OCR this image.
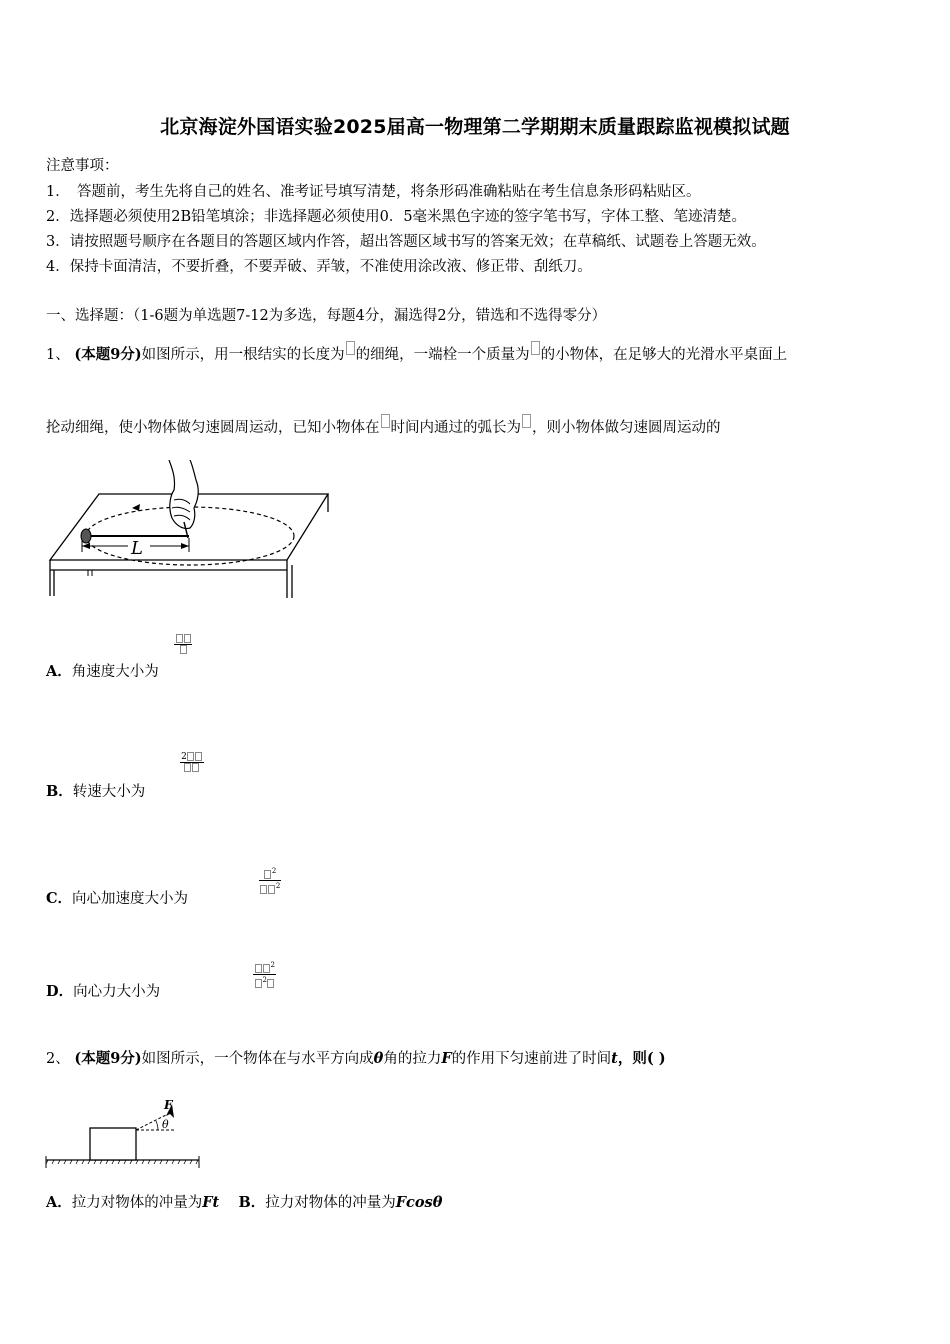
北京海淀外国语实验2025届高一物理第二学期期末质量跟踪监视模拟试题
注意事项：
1．　答题前，考生先将自己的姓名、准考证号填写清楚，将条形码准确粘贴在考生信息条形码粘贴区。
2．选择题必须使用2B铅笔填涂；非选择题必须使用0．5毫米黑色字迹的签字笔书写，字体工整、笔迹清楚。
3．请按照题号顺序在各题目的答题区域内作答，超出答题区域书写的答案无效；在草稿纸、试题卷上答题无效。
4．保持卡面清洁，不要折叠，不要弄破、弄皱，不准使用涂改液、修正带、刮纸刀。
一、选择题：（1-6题为单选题7-12为多选，每题4分，漏选得2分，错选和不选得零分）
1、 (本题9分)如图所示，用一根结实的长度为 的细绳，一端栓一个质量为 的小物体，在足够大的光滑水平桌面上
抡动细绳，使小物体做匀速圆周运动，已知小物体在 时间内通过的弧长为 ，则小物体做匀速圆周运动的
L
A．角速度大小为

B．转速大小为
2

C．向心加速度大小为
$\frac{^2}{^2}$

D．向心力大小为
$\frac{^2}{^2}$
2、 (本题9分)如图所示，一个物体在与水平方向成θ角的拉力F的作用下匀速前进了时间t，则( )
F
θ
A．拉力对物体的冲量为Ft B．拉力对物体的冲量为Fcosθ
